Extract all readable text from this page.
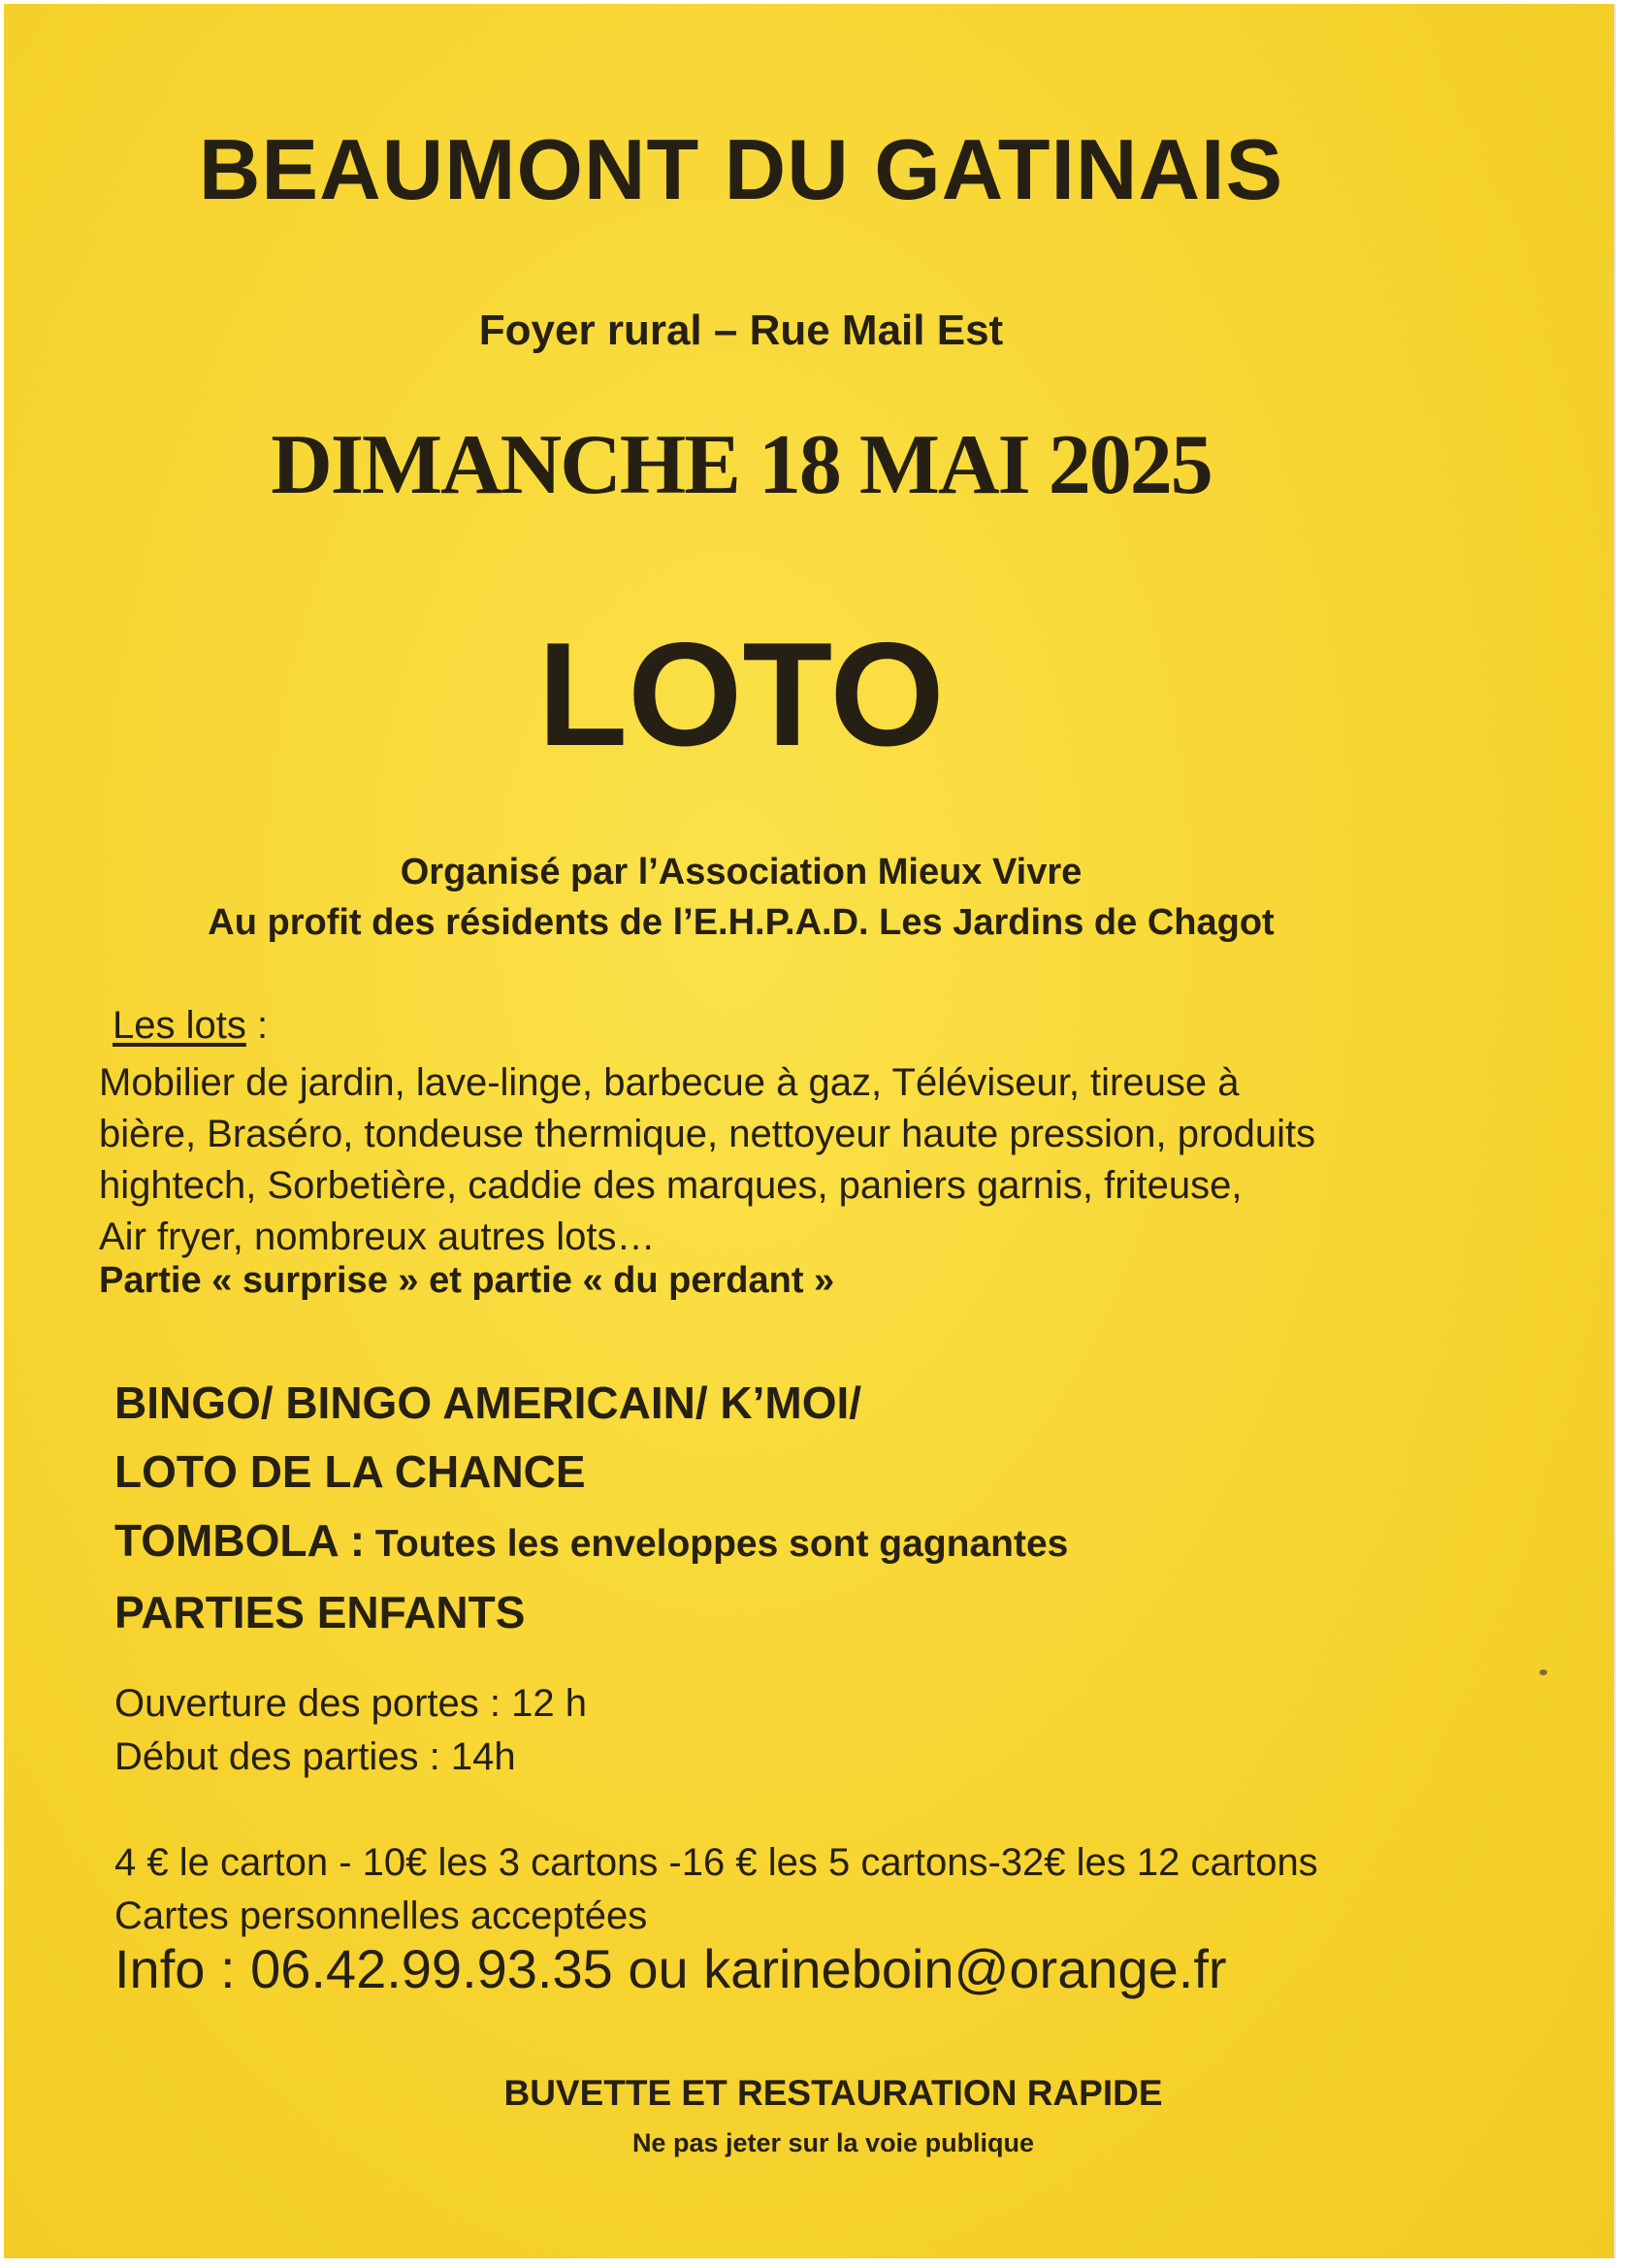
BEAUMONT DU GATINAIS
Foyer rural – Rue Mail Est
DIMANCHE 18 MAI 2025
LOTO
Organisé par l’Association Mieux Vivre
Au profit des résidents de l’E.H.P.A.D. Les Jardins de Chagot
Les lots :
Mobilier de jardin, lave-linge, barbecue à gaz, Téléviseur, tireuse à
bière, Braséro, tondeuse thermique, nettoyeur haute pression, produits
hightech, Sorbetière, caddie des marques, paniers garnis, friteuse,
Air fryer, nombreux autres lots…
Partie « surprise » et partie « du perdant »
BINGO/ BINGO AMERICAIN/ K’MOI/
LOTO DE LA CHANCE
TOMBOLA : Toutes les enveloppes sont gagnantes
PARTIES ENFANTS
Ouverture des portes : 12 h
Début des parties : 14h
4 € le carton - 10€ les 3 cartons -16 € les 5 cartons-32€ les 12 cartons
Cartes personnelles acceptées
Info : 06.42.99.93.35 ou karineboin@orange.fr
BUVETTE ET RESTAURATION RAPIDE
Ne pas jeter sur la voie publique
